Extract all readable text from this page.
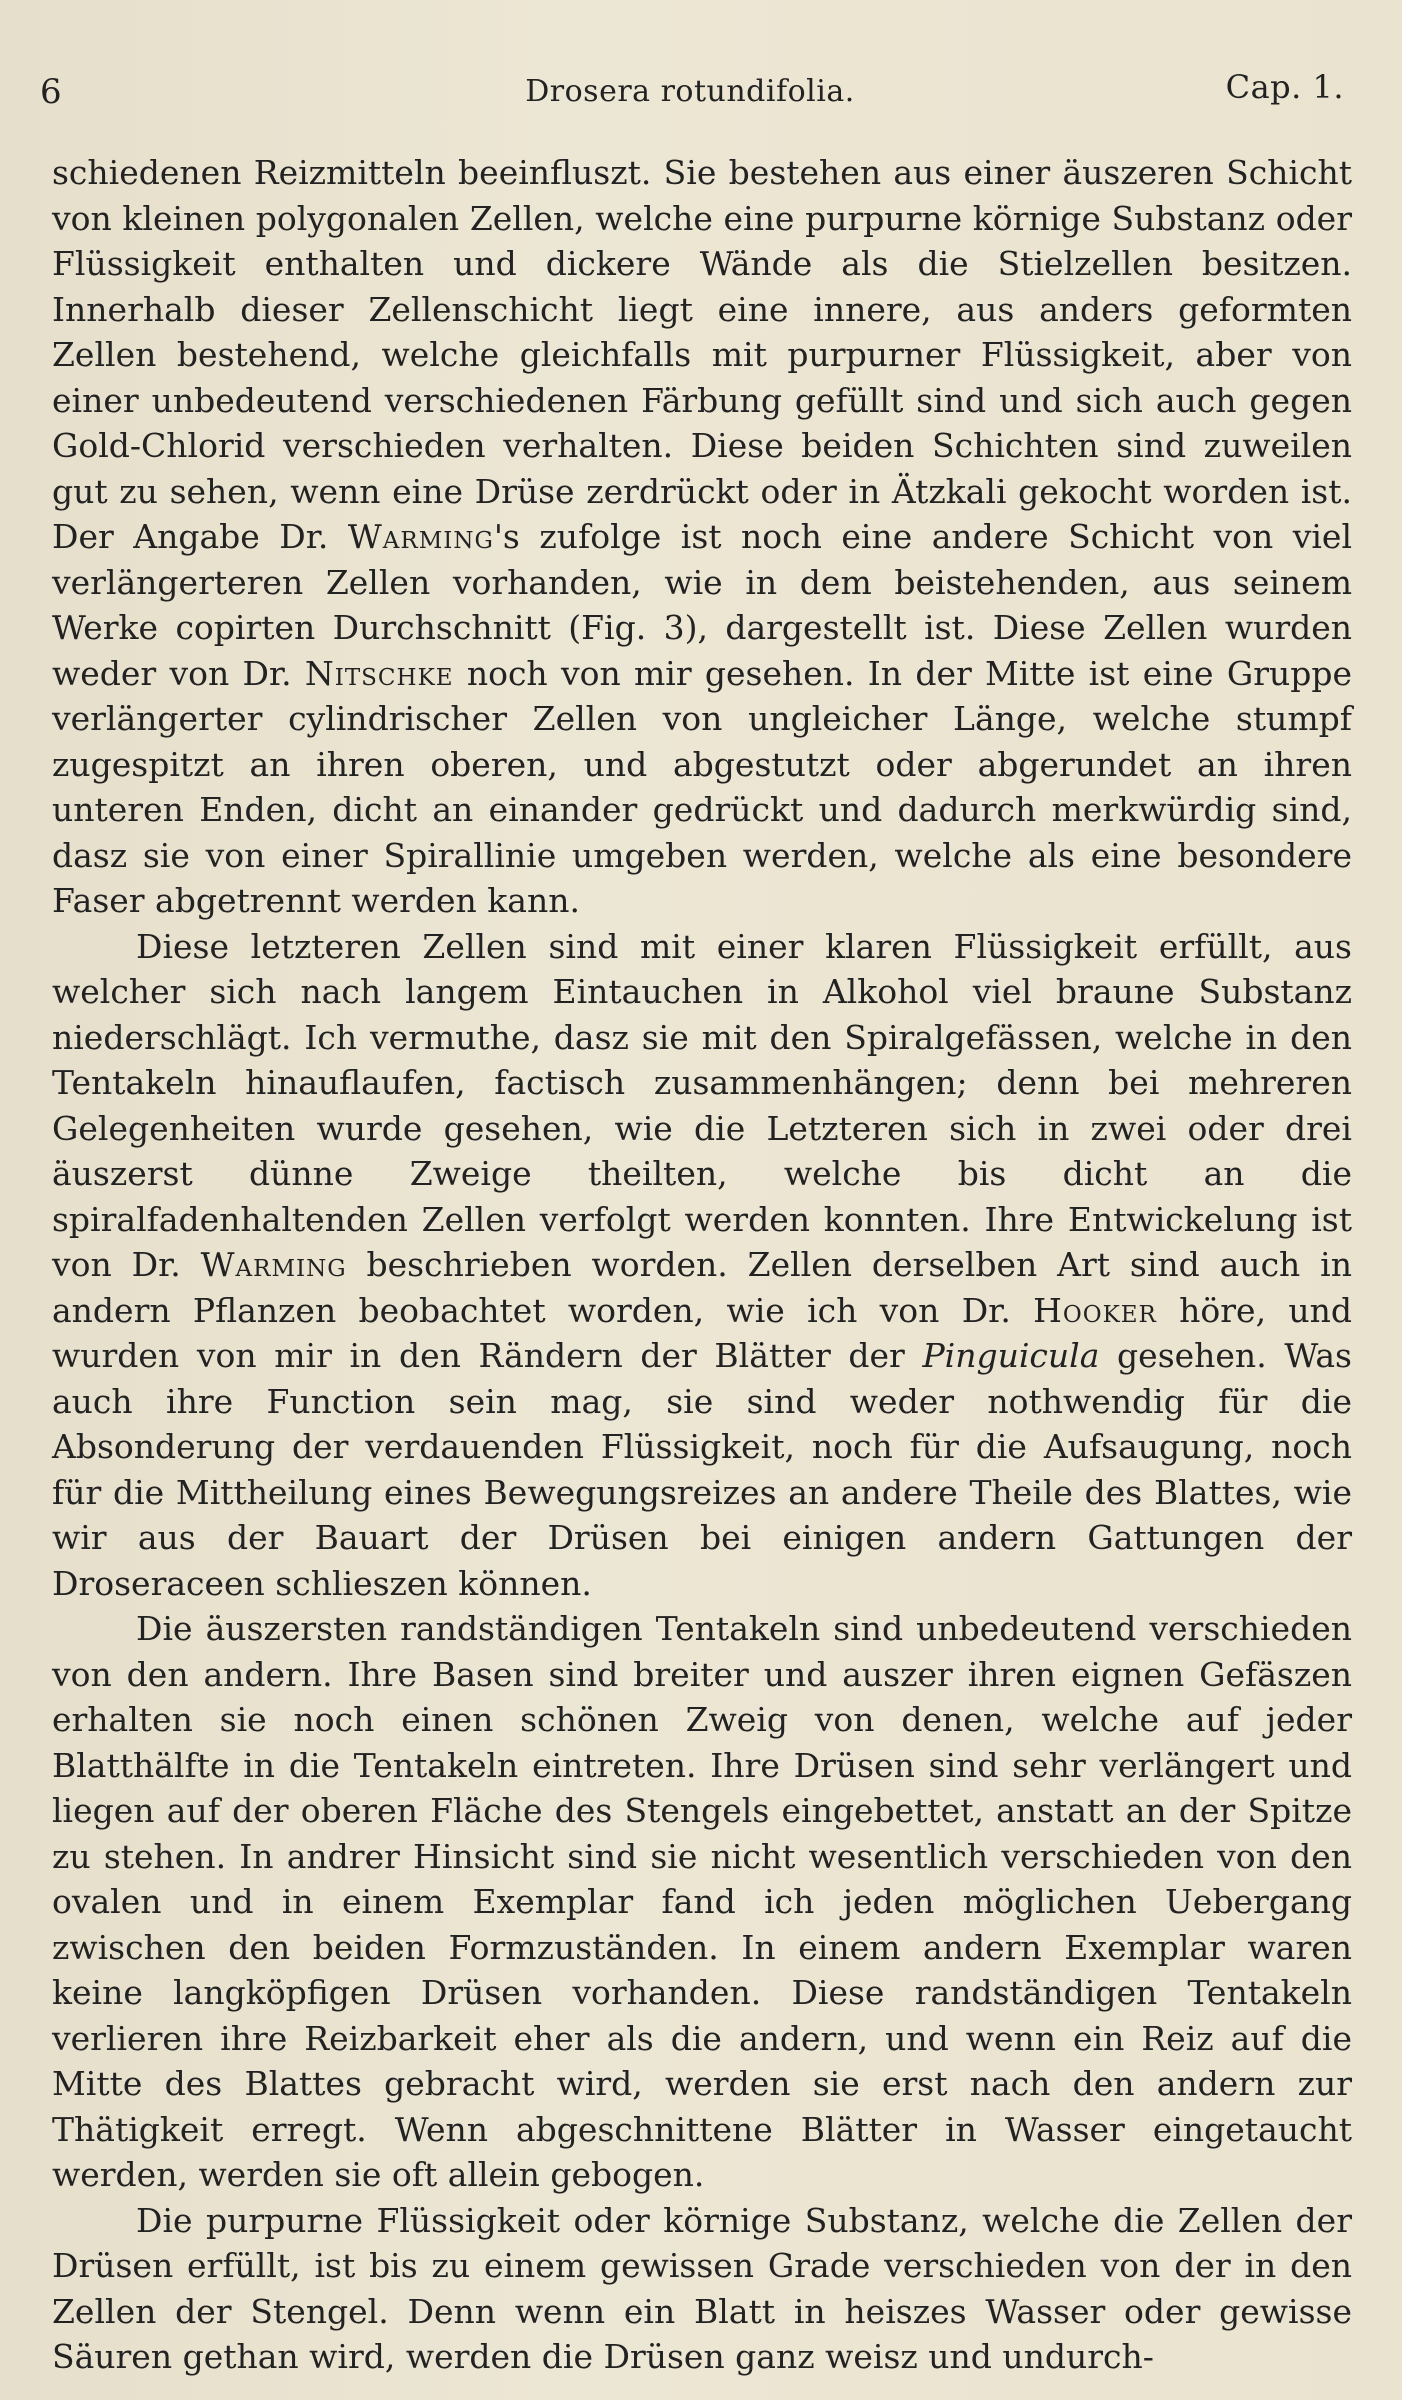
6	Drosera rotundifolia.	Cap. 1.

schiedenen Reizmitteln beeinfluszt. Sie bestehen aus einer äuszeren Schicht von kleinen polygonalen Zellen, welche eine purpurne körnige Substanz oder Flüssigkeit enthalten und dickere Wände als die Stielzellen besitzen. Innerhalb dieser Zellenschicht liegt eine innere, aus anders geformten Zellen bestehend, welche gleichfalls mit purpurner Flüssigkeit, aber von einer unbedeutend verschiedenen Färbung gefüllt sind und sich auch gegen Gold-Chlorid verschieden verhalten. Diese beiden Schichten sind zuweilen gut zu sehen, wenn eine Drüse zerdrückt oder in Ätzkali gekocht worden ist. Der Angabe Dr. Warming's zufolge ist noch eine andere Schicht von viel verlängerteren Zellen vorhanden, wie in dem beistehenden, aus seinem Werke copirten Durchschnitt (Fig. 3), dargestellt ist. Diese Zellen wurden weder von Dr. Nitschke noch von mir gesehen. In der Mitte ist eine Gruppe verlängerter cylindrischer Zellen von ungleicher Länge, welche stumpf zugespitzt an ihren oberen, und abgestutzt oder abgerundet an ihren unteren Enden, dicht an einander gedrückt und dadurch merkwürdig sind, dasz sie von einer Spirallinie umgeben werden, welche als eine besondere Faser abgetrennt werden kann.

Diese letzteren Zellen sind mit einer klaren Flüssigkeit erfüllt, aus welcher sich nach langem Eintauchen in Alkohol viel braune Substanz niederschlägt. Ich vermuthe, dasz sie mit den Spiralgefässen, welche in den Tentakeln hinauflaufen, factisch zusammenhängen; denn bei mehreren Gelegenheiten wurde gesehen, wie die Letzteren sich in zwei oder drei äuszerst dünne Zweige theilten, welche bis dicht an die spiralfadenhaltenden Zellen verfolgt werden konnten. Ihre Entwickelung ist von Dr. Warming beschrieben worden. Zellen derselben Art sind auch in andern Pflanzen beobachtet worden, wie ich von Dr. Hooker höre, und wurden von mir in den Rändern der Blätter der Pinguicula gesehen. Was auch ihre Function sein mag, sie sind weder nothwendig für die Absonderung der verdauenden Flüssigkeit, noch für die Aufsaugung, noch für die Mittheilung eines Bewegungsreizes an andere Theile des Blattes, wie wir aus der Bauart der Drüsen bei einigen andern Gattungen der Droseraceen schlieszen können.

Die äuszersten randständigen Tentakeln sind unbedeutend verschieden von den andern. Ihre Basen sind breiter und auszer ihren eignen Gefäszen erhalten sie noch einen schönen Zweig von denen, welche auf jeder Blatthälfte in die Tentakeln eintreten. Ihre Drüsen sind sehr verlängert und liegen auf der oberen Fläche des Stengels eingebettet, anstatt an der Spitze zu stehen. In andrer Hinsicht sind sie nicht wesentlich verschieden von den ovalen und in einem Exemplar fand ich jeden möglichen Uebergang zwischen den beiden Formzuständen. In einem andern Exemplar waren keine langköpfigen Drüsen vorhanden. Diese randständigen Tentakeln verlieren ihre Reizbarkeit eher als die andern, und wenn ein Reiz auf die Mitte des Blattes gebracht wird, werden sie erst nach den andern zur Thätigkeit erregt. Wenn abgeschnittene Blätter in Wasser eingetaucht werden, werden sie oft allein gebogen.

Die purpurne Flüssigkeit oder körnige Substanz, welche die Zellen der Drüsen erfüllt, ist bis zu einem gewissen Grade verschieden von der in den Zellen der Stengel. Denn wenn ein Blatt in heiszes Wasser oder gewisse Säuren gethan wird, werden die Drüsen ganz weisz und undurch-
